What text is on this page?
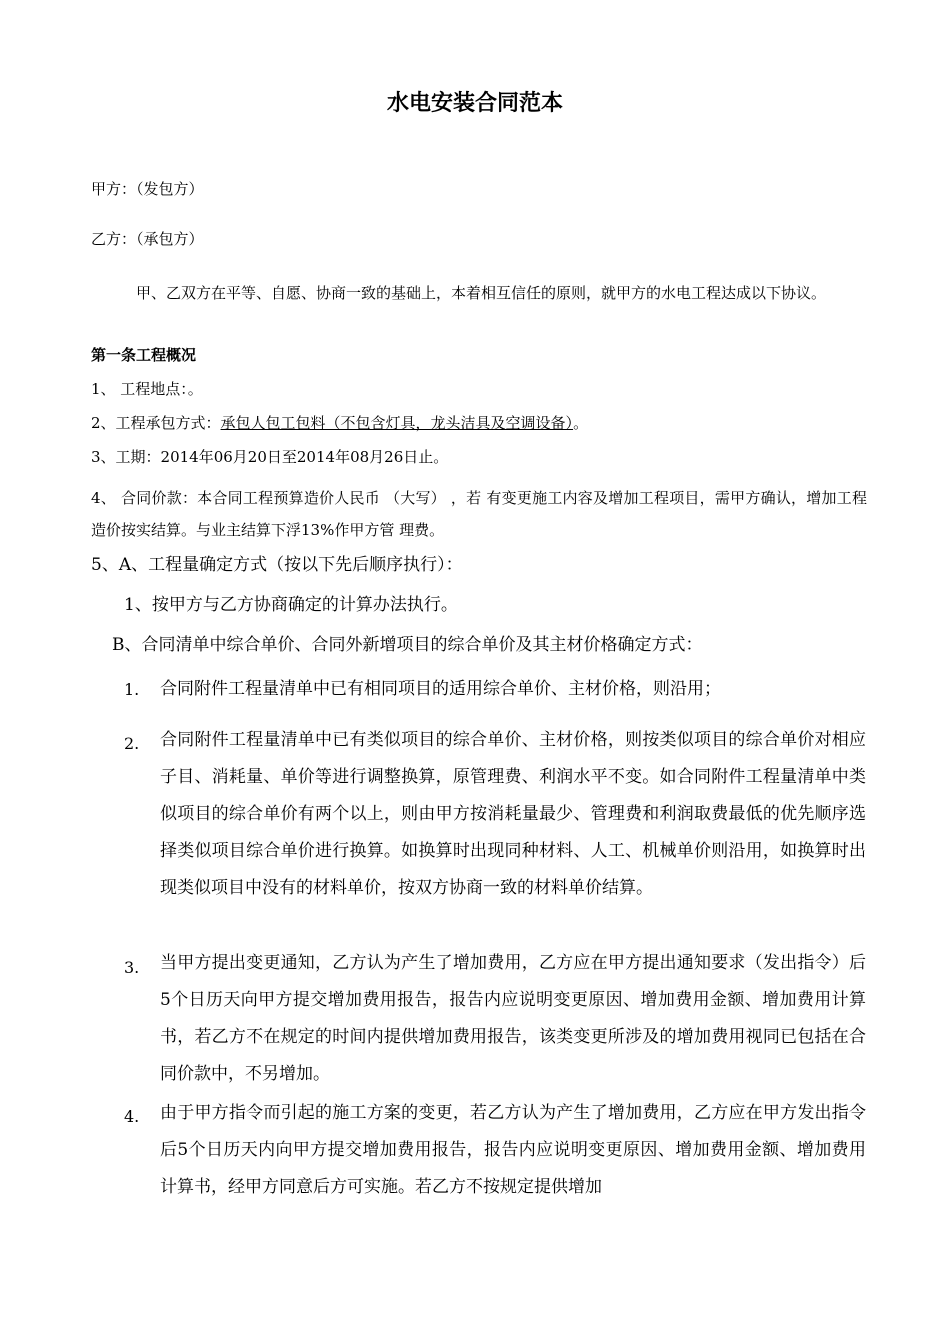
水电安装合同范本
甲方：（发包方）
乙方：（承包方）
甲、乙双方在平等、自愿、协商一致的基础上，本着相互信任的原则，就甲方的水电工程达成以下协议。
第一条工程概况
1、 工程地点：。
2、工程承包方式：承包人包工包料（不包含灯具，龙头洁具及空调设备）。
3、工期：2014年06月20日至2014年08月26日止。
4、 合同价款：本合同工程预算造价人民币 （大写） ，若 有变更施工内容及增加工程项目，需甲方确认，增加工程造价按实结算。与业主结算下浮13%作甲方管 理费。
5、A、工程量确定方式（按以下先后顺序执行）：
1、按甲方与乙方协商确定的计算办法执行。
B、合同清单中综合单价、合同外新增项目的综合单价及其主材价格确定方式：
1. 合同附件工程量清单中已有相同项目的适用综合单价、主材价格，则沿用；
2. 合同附件工程量清单中已有类似项目的综合单价、主材价格，则按类似项目的综合单价对相应子目、消耗量、单价等进行调整换算，原管理费、利润水平不变。如合同附件工程量清单中类似项目的综合单价有两个以上，则由甲方按消耗量最少、管理费和利润取费最低的优先顺序选择类似项目综合单价进行换算。如换算时出现同种材料、人工、机械单价则沿用，如换算时出现类似项目中没有的材料单价，按双方协商一致的材料单价结算。
3. 当甲方提出变更通知，乙方认为产生了增加费用，乙方应在甲方提出通知要求（发出指令）后5个日历天向甲方提交增加费用报告，报告内应说明变更原因、增加费用金额、增加费用计算书，若乙方不在规定的时间内提供增加费用报告，该类变更所涉及的增加费用视同已包括在合同价款中，不另增加。
4. 由于甲方指令而引起的施工方案的变更，若乙方认为产生了增加费用，乙方应在甲方发出指令后5个日历天内向甲方提交增加费用报告，报告内应说明变更原因、增加费用金额、增加费用计算书，经甲方同意后方可实施。若乙方不按规定提供增加
